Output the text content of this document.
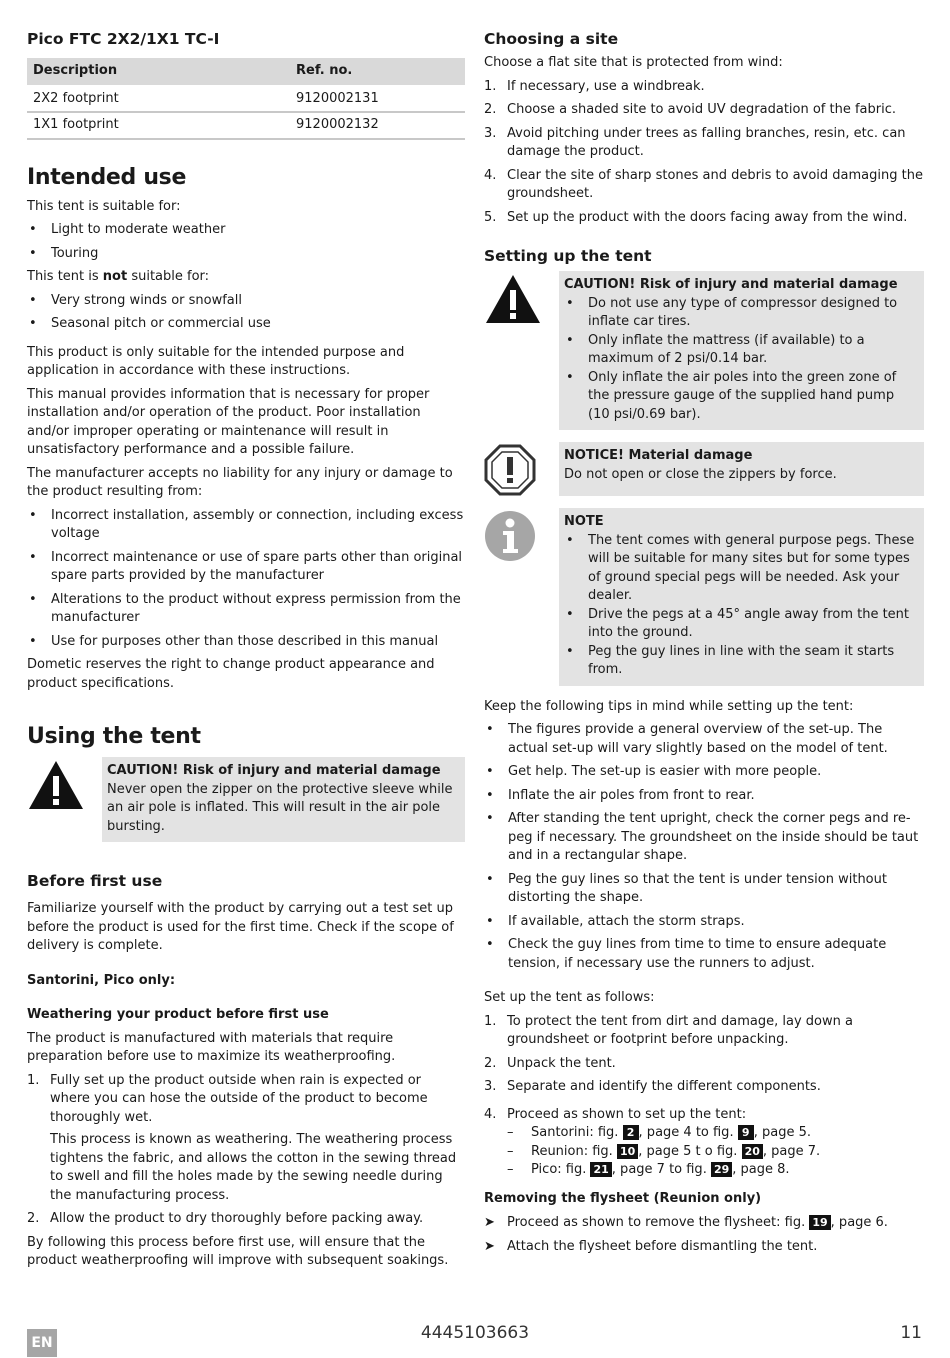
Pico FTC 2X2/1X1 TC-I
Description	Ref. no.
2X2 footprint	9120002131
1X1 footprint	9120002132
Intended use

This tent is suitable for:

• Light to moderate weather
• Touring

This tent is not suitable for:

• Very strong winds or snowfall
• Seasonal pitch or commercial use

This product is only suitable for the intended purpose and application in accordance with these instructions.

This manual provides information that is necessary for proper installation and/or operation of the product. Poor installation and/or improper operating or maintenance will result in unsatisfactory performance and a possible failure.

The manufacturer accepts no liability for any injury or damage to the product resulting from:

• Incorrect installation, assembly or connection, including excess voltage
• Incorrect maintenance or use of spare parts other than original spare parts provided by the manufacturer
• Alterations to the product without express permission from the manufacturer
• Use for purposes other than those described in this manual

Dometic reserves the right to change product appearance and product specifications.

Using the tent
CAUTION! Risk of injury and material damage
Never open the zipper on the protective sleeve while an air pole is inflated. This will result in the air pole bursting.
Before first use

Familiarize yourself with the product by carrying out a test set up before the product is used for the first time. Check if the scope of delivery is complete.

Santorini, Pico only:
Weathering your product before first use

The product is manufactured with materials that require preparation before use to maximize its weatherproofing.

1. Fully set up the product outside when rain is expected or where you can hose the outside of the product to become thoroughly wet.
This process is known as weathering. The weathering process tightens the fabric, and allows the cotton in the sewing thread to swell and fill the holes made by the sewing needle during the manufacturing process.
2. Allow the product to dry thoroughly before packing away.

By following this process before first use, will ensure that the product weatherproofing will improve with subsequent soakings.

Choosing a site

Choose a flat site that is protected from wind:

1. If necessary, use a windbreak.
2. Choose a shaded site to avoid UV degradation of the fabric.
3. Avoid pitching under trees as falling branches, resin, etc. can damage the product.
4. Clear the site of sharp stones and debris to avoid damaging the groundsheet.
5. Set up the product with the doors facing away from the wind.
Setting up the tent
CAUTION! Risk of injury and material damage
• Do not use any type of compressor designed to inflate car tires.
• Only inflate the mattress (if available) to a maximum of 2 psi/0.14 bar.
• Only inflate the air poles into the green zone of the pressure gauge of the supplied hand pump (10 psi/0.69 bar).
NOTICE! Material damage
Do not open or close the zippers by force.
NOTE
• The tent comes with general purpose pegs. These will be suitable for many sites but for some types of ground special pegs will be needed. Ask your dealer.
• Drive the pegs at a 45° angle away from the tent into the ground.
• Peg the guy lines in line with the seam it starts from.

Keep the following tips in mind while setting up the tent:

• The figures provide a general overview of the set-up. The actual set-up will vary slightly based on the model of tent.
• Get help. The set-up is easier with more people.
• Inflate the air poles from front to rear.
• After standing the tent upright, check the corner pegs and re-peg if necessary. The groundsheet on the inside should be taut and in a rectangular shape.
• Peg the guy lines so that the tent is under tension without distorting the shape.
• If available, attach the storm straps.
• Check the guy lines from time to time to ensure adequate tension, if necessary use the runners to adjust.

Set up the tent as follows:

1. To protect the tent from dirt and damage, lay down a groundsheet or footprint before unpacking.
2. Unpack the tent.
3. Separate and identify the different components.
4. Proceed as shown to set up the tent:
– Santorini: fig. 2 , page 4 to fig. 9 , page 5.
– Reunion: fig. 10 , page 5 t o fig. 20 , page 7.
– Pico: fig. 21 , page 7 to fig. 29 , page 8.
Removing the flysheet (Reunion only)
➤ Proceed as shown to remove the flysheet: fig. 19 , page 6.
➤ Attach the flysheet before dismantling the tent.
EN	4445103663	11
